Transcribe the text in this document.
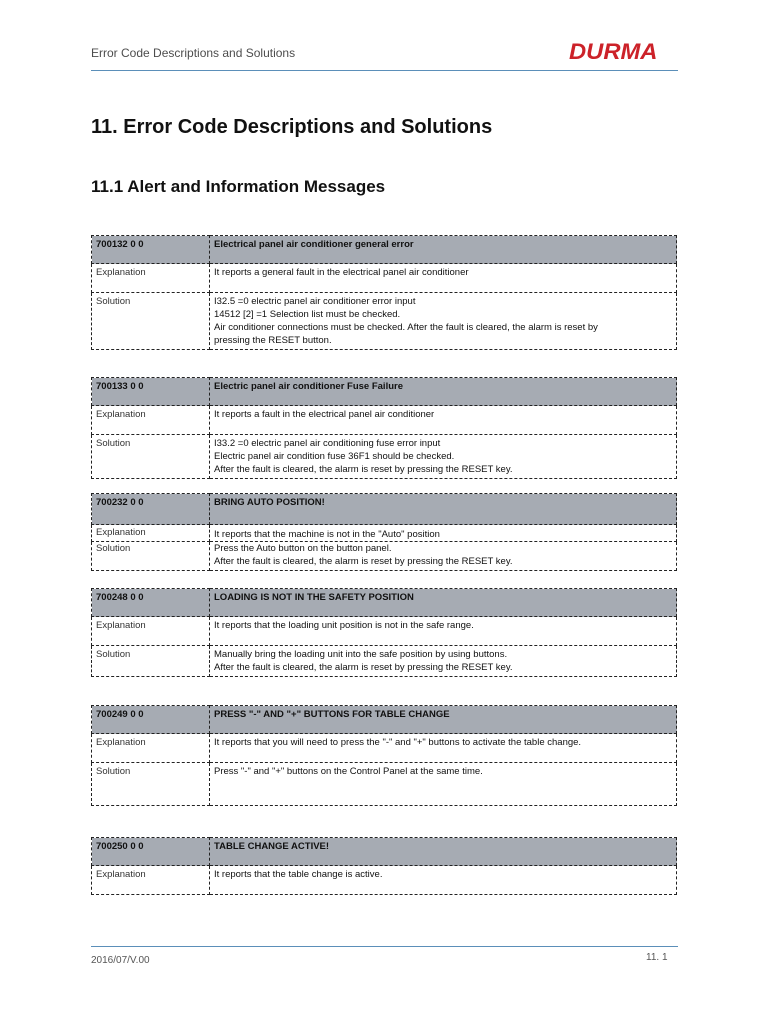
Error Code Descriptions and Solutions	DURMA
11. Error Code Descriptions and Solutions
11.1 Alert and Information Messages
700132 0 0	Electrical panel air conditioner general error
Explanation	It reports a general fault in the electrical panel air conditioner
Solution	I32.5 =0 electric panel air conditioner error input
14512 [2] =1 Selection list must be checked.
Air conditioner connections must be checked. After the fault is cleared, the alarm is reset by
pressing the RESET button.
700133 0 0	Electric panel air conditioner Fuse Failure
Explanation	It reports a fault in the electrical panel air conditioner
Solution	I33.2 =0 electric panel air conditioning fuse error input
Electric panel air condition fuse 36F1 should be checked.
After the fault is cleared, the alarm is reset by pressing the RESET key.
700232 0 0	BRING AUTO POSITION!
Explanation	It reports that the machine is not in the "Auto" position
Solution	Press the Auto button on the button panel.
After the fault is cleared, the alarm is reset by pressing the RESET key.
700248 0 0	LOADING IS NOT IN THE SAFETY POSITION
Explanation	It reports that the loading unit position is not in the safe range.
Solution	Manually bring the loading unit into the safe position by using buttons.
After the fault is cleared, the alarm is reset by pressing the RESET key.
700249 0 0	PRESS "-" AND "+" BUTTONS FOR TABLE CHANGE
Explanation	It reports that you will need to press the "-" and "+" buttons to activate the table change.
Solution	Press "-" and "+" buttons on the Control Panel at the same time.
700250 0 0	TABLE CHANGE ACTIVE!
Explanation	It reports that the table change is active.
2016/07/V.00	11. 1
